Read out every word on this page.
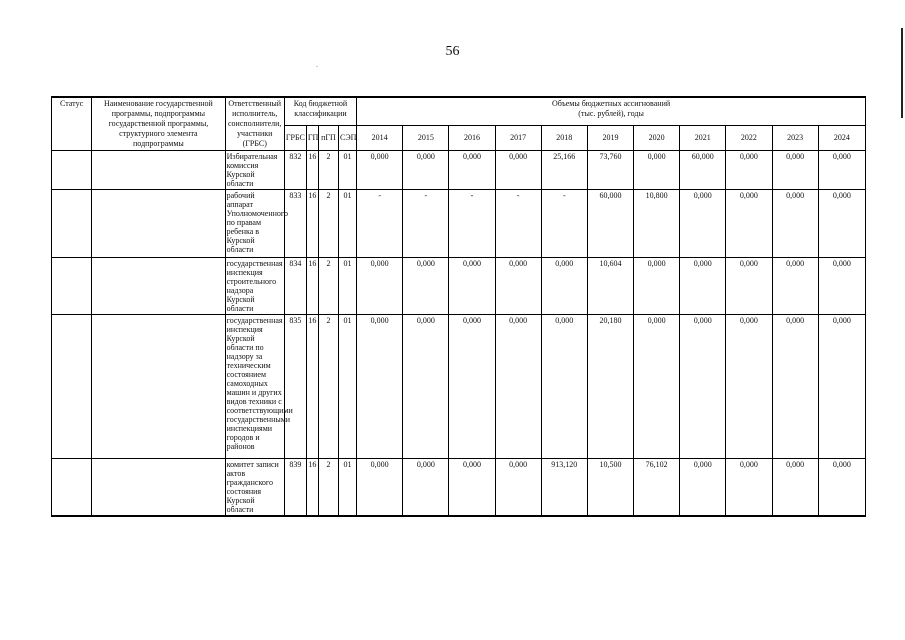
56
.
Статус	Наименование государственной программы, подпрограммы государственной программы, структурного элемента подпрограммы	Ответственный исполнитель, соисполнители, участники (ГРБС)	Код бюджетной классификации				Объемы бюджетных ассигнований
(тыс. рублей), годы										

			ГРБС	ГП	пГП	СЭП	2014	2015	2016	2017	2018	2019	2020	2021	2022	2023	2024
		Избирательная комиссия Курской области	832	16	2	01	0,000	0,000	0,000	0,000	25,166	73,760	0,000	60,000	0,000	0,000	0,000
		рабочий аппарат Уполномоченного по правам ребенка в Курской области	833	16	2	01	-	-	-	-	-	60,000	10,800	0,000	0,000	0,000	0,000
		государственная инспекция строительного надзора Курской области	834	16	2	01	0,000	0,000	0,000	0,000	0,000	10,604	0,000	0,000	0,000	0,000	0,000
		государственная инспекция Курской области по надзору за техническим состоянием самоходных машин и других видов техники с соответствующими государственными инспекциями городов и районов	835	16	2	01	0,000	0,000	0,000	0,000	0,000	20,180	0,000	0,000	0,000	0,000	0,000
		комитет записи актов гражданского состояния Курской области	839	16	2	01	0,000	0,000	0,000	0,000	913,120	10,500	76,102	0,000	0,000	0,000	0,000
